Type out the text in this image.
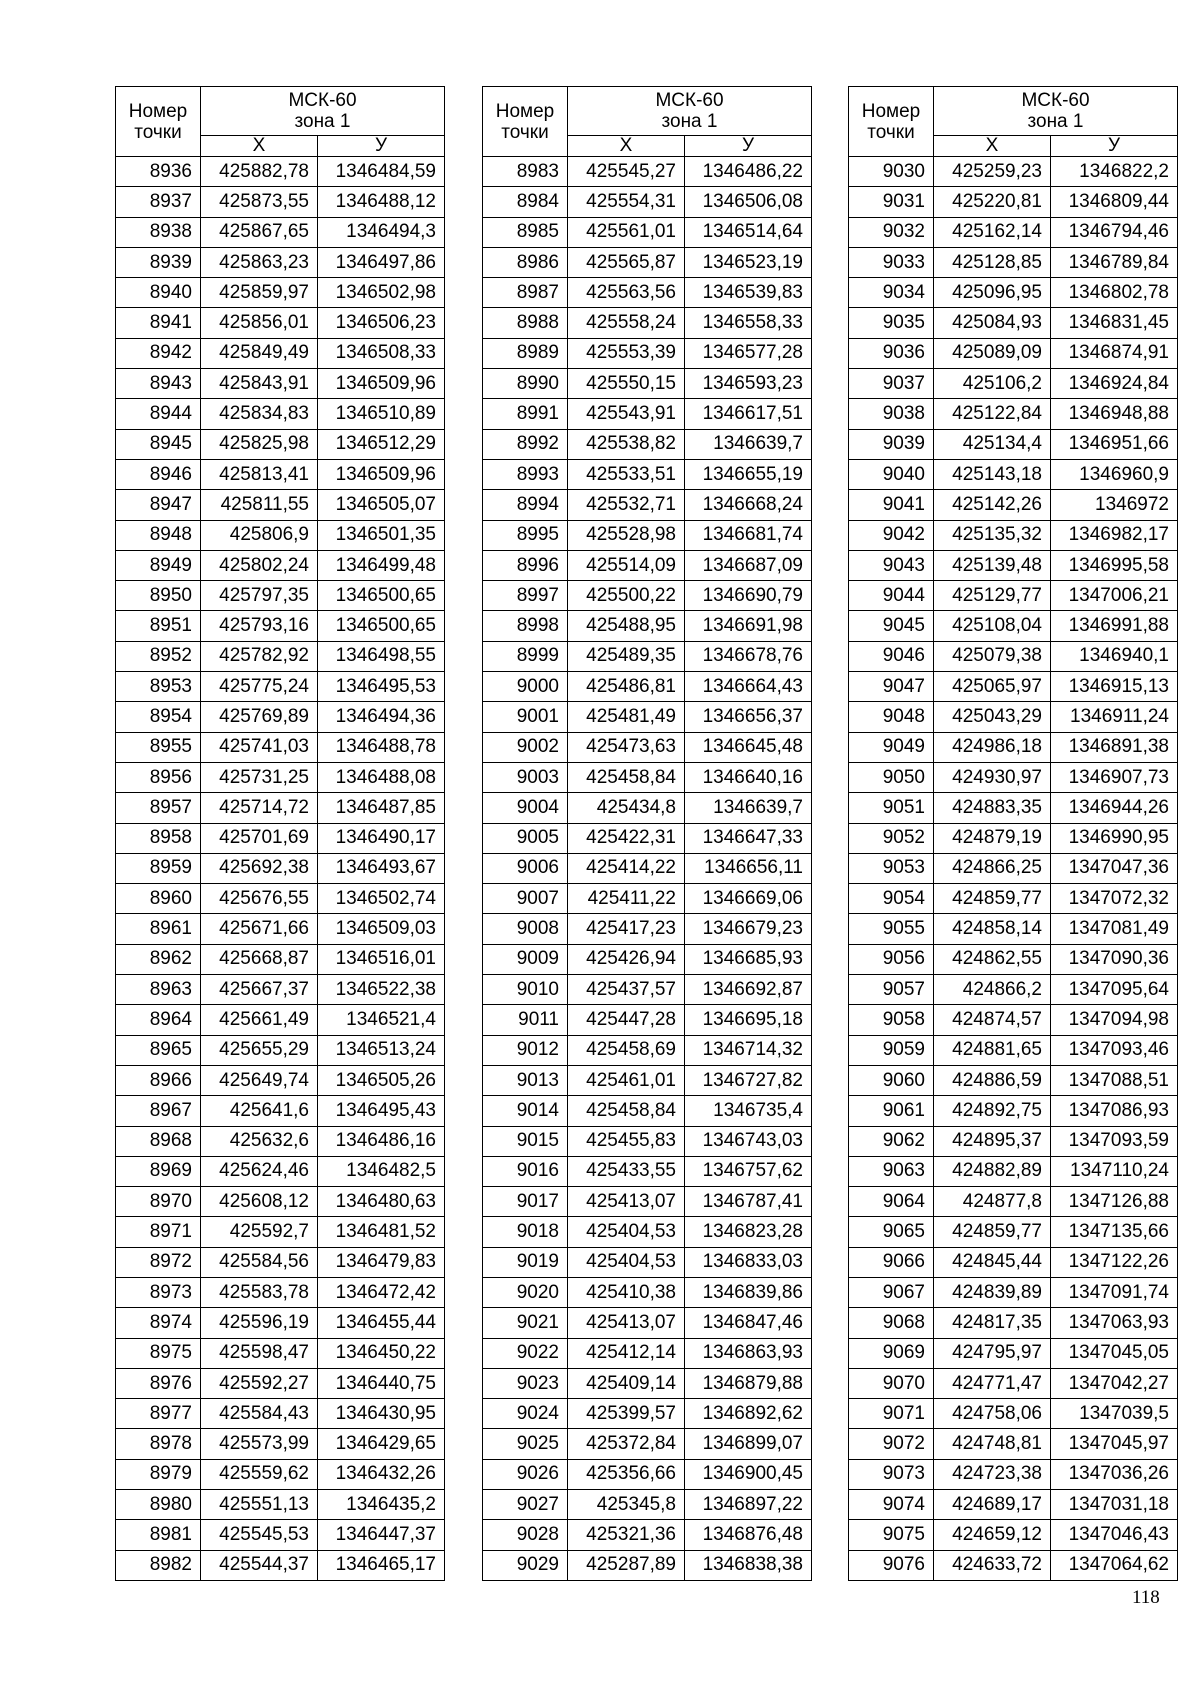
Номер
точки	МСК-60
зона 1	
	Х	У
8936	425882,78	1346484,59
8937	425873,55	1346488,12
8938	425867,65	1346494,3
8939	425863,23	1346497,86
8940	425859,97	1346502,98
8941	425856,01	1346506,23
8942	425849,49	1346508,33
8943	425843,91	1346509,96
8944	425834,83	1346510,89
8945	425825,98	1346512,29
8946	425813,41	1346509,96
8947	425811,55	1346505,07
8948	425806,9	1346501,35
8949	425802,24	1346499,48
8950	425797,35	1346500,65
8951	425793,16	1346500,65
8952	425782,92	1346498,55
8953	425775,24	1346495,53
8954	425769,89	1346494,36
8955	425741,03	1346488,78
8956	425731,25	1346488,08
8957	425714,72	1346487,85
8958	425701,69	1346490,17
8959	425692,38	1346493,67
8960	425676,55	1346502,74
8961	425671,66	1346509,03
8962	425668,87	1346516,01
8963	425667,37	1346522,38
8964	425661,49	1346521,4
8965	425655,29	1346513,24
8966	425649,74	1346505,26
8967	425641,6	1346495,43
8968	425632,6	1346486,16
8969	425624,46	1346482,5
8970	425608,12	1346480,63
8971	425592,7	1346481,52
8972	425584,56	1346479,83
8973	425583,78	1346472,42
8974	425596,19	1346455,44
8975	425598,47	1346450,22
8976	425592,27	1346440,75
8977	425584,43	1346430,95
8978	425573,99	1346429,65
8979	425559,62	1346432,26
8980	425551,13	1346435,2
8981	425545,53	1346447,37
8982	425544,37	1346465,17
Номер
точки	МСК-60
зона 1	
	Х	У
8983	425545,27	1346486,22
8984	425554,31	1346506,08
8985	425561,01	1346514,64
8986	425565,87	1346523,19
8987	425563,56	1346539,83
8988	425558,24	1346558,33
8989	425553,39	1346577,28
8990	425550,15	1346593,23
8991	425543,91	1346617,51
8992	425538,82	1346639,7
8993	425533,51	1346655,19
8994	425532,71	1346668,24
8995	425528,98	1346681,74
8996	425514,09	1346687,09
8997	425500,22	1346690,79
8998	425488,95	1346691,98
8999	425489,35	1346678,76
9000	425486,81	1346664,43
9001	425481,49	1346656,37
9002	425473,63	1346645,48
9003	425458,84	1346640,16
9004	425434,8	1346639,7
9005	425422,31	1346647,33
9006	425414,22	1346656,11
9007	425411,22	1346669,06
9008	425417,23	1346679,23
9009	425426,94	1346685,93
9010	425437,57	1346692,87
9011	425447,28	1346695,18
9012	425458,69	1346714,32
9013	425461,01	1346727,82
9014	425458,84	1346735,4
9015	425455,83	1346743,03
9016	425433,55	1346757,62
9017	425413,07	1346787,41
9018	425404,53	1346823,28
9019	425404,53	1346833,03
9020	425410,38	1346839,86
9021	425413,07	1346847,46
9022	425412,14	1346863,93
9023	425409,14	1346879,88
9024	425399,57	1346892,62
9025	425372,84	1346899,07
9026	425356,66	1346900,45
9027	425345,8	1346897,22
9028	425321,36	1346876,48
9029	425287,89	1346838,38
Номер
точки	МСК-60
зона 1	
	Х	У
9030	425259,23	1346822,2
9031	425220,81	1346809,44
9032	425162,14	1346794,46
9033	425128,85	1346789,84
9034	425096,95	1346802,78
9035	425084,93	1346831,45
9036	425089,09	1346874,91
9037	425106,2	1346924,84
9038	425122,84	1346948,88
9039	425134,4	1346951,66
9040	425143,18	1346960,9
9041	425142,26	1346972
9042	425135,32	1346982,17
9043	425139,48	1346995,58
9044	425129,77	1347006,21
9045	425108,04	1346991,88
9046	425079,38	1346940,1
9047	425065,97	1346915,13
9048	425043,29	1346911,24
9049	424986,18	1346891,38
9050	424930,97	1346907,73
9051	424883,35	1346944,26
9052	424879,19	1346990,95
9053	424866,25	1347047,36
9054	424859,77	1347072,32
9055	424858,14	1347081,49
9056	424862,55	1347090,36
9057	424866,2	1347095,64
9058	424874,57	1347094,98
9059	424881,65	1347093,46
9060	424886,59	1347088,51
9061	424892,75	1347086,93
9062	424895,37	1347093,59
9063	424882,89	1347110,24
9064	424877,8	1347126,88
9065	424859,77	1347135,66
9066	424845,44	1347122,26
9067	424839,89	1347091,74
9068	424817,35	1347063,93
9069	424795,97	1347045,05
9070	424771,47	1347042,27
9071	424758,06	1347039,5
9072	424748,81	1347045,97
9073	424723,38	1347036,26
9074	424689,17	1347031,18
9075	424659,12	1347046,43
9076	424633,72	1347064,62
118
